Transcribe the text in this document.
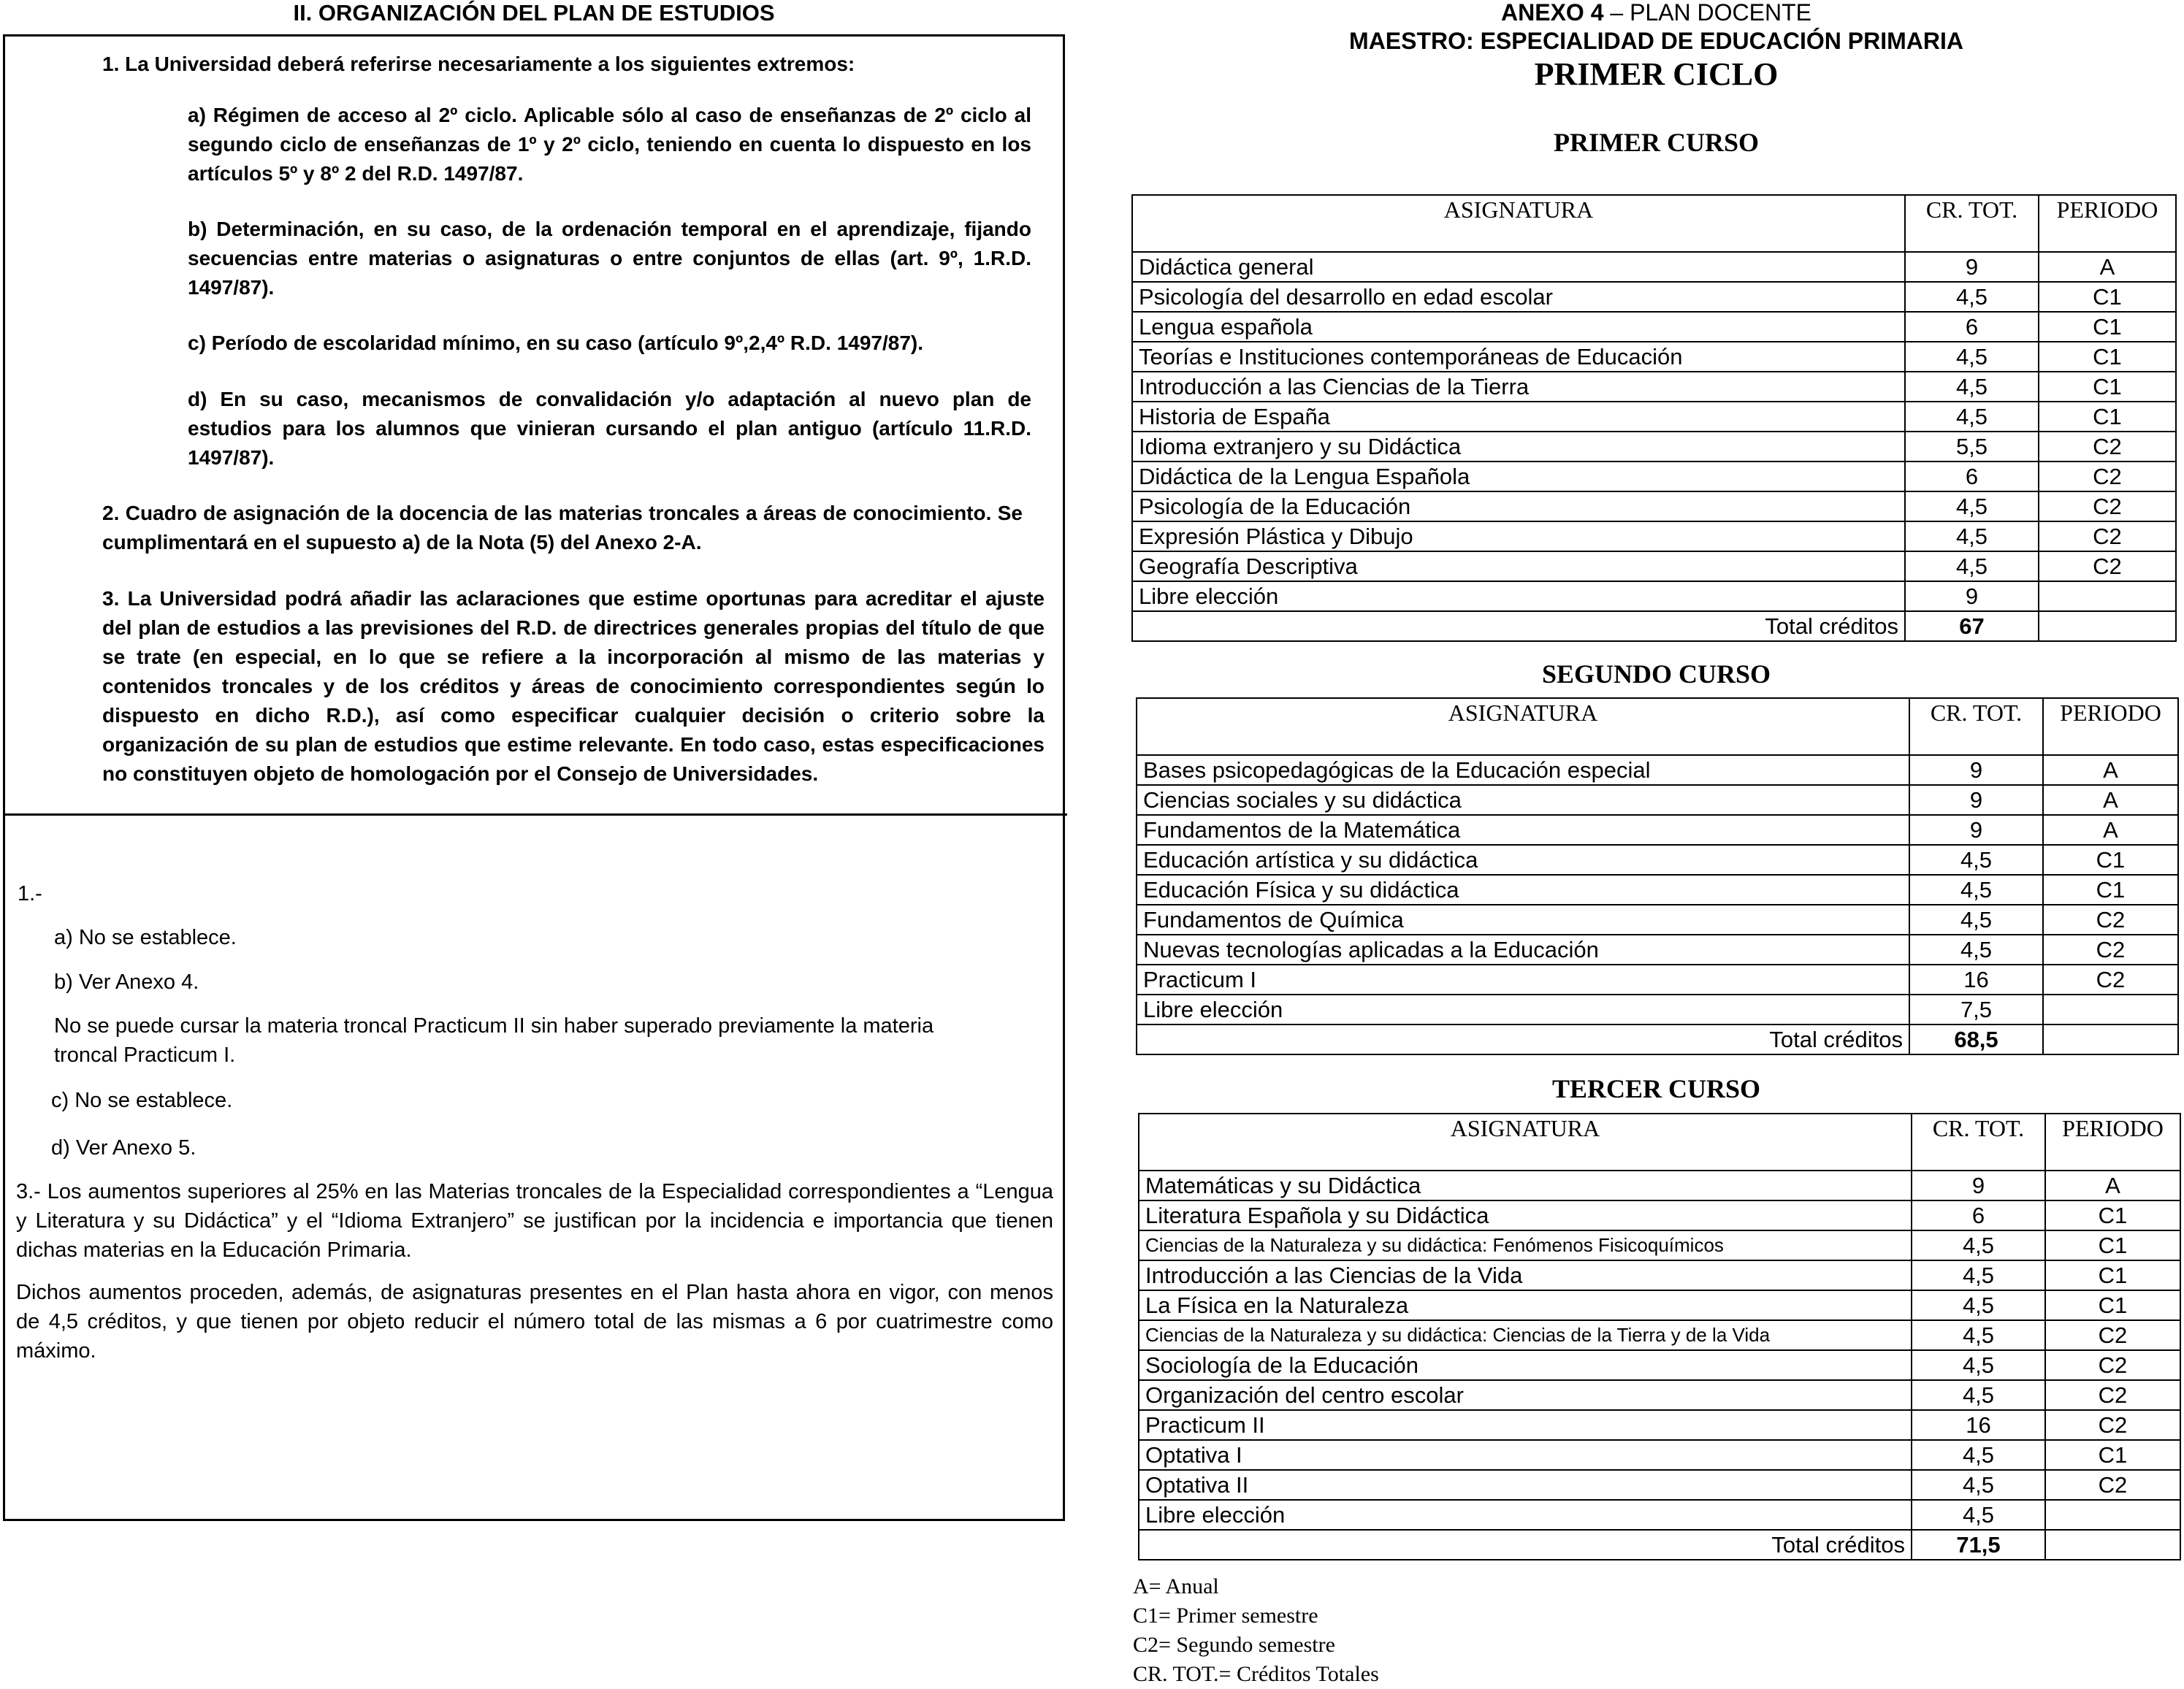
II. ORGANIZACIÓN DEL PLAN DE ESTUDIOS
1. La Universidad deberá referirse necesariamente a los siguientes extremos:
a) Régimen de acceso al 2º ciclo. Aplicable sólo al caso de enseñanzas de 2º ciclo al segundo ciclo de enseñanzas de 1º y 2º ciclo, teniendo en cuenta lo dispuesto en los artículos 5º y 8º 2 del R.D. 1497/87.
b) Determinación, en su caso, de la ordenación temporal en el aprendizaje, fijando secuencias entre materias o asignaturas o entre conjuntos de ellas (art. 9º, 1.R.D. 1497/87).
c) Período de escolaridad mínimo, en su caso (artículo 9º,2,4º R.D. 1497/87).
d) En su caso, mecanismos de convalidación y/o adaptación al nuevo plan de estudios para los alumnos que vinieran cursando el plan antiguo (artículo 11.R.D. 1497/87).
2. Cuadro de asignación de la docencia de las materias troncales a áreas de conocimiento. Se cumplimentará en el supuesto a) de la Nota (5) del Anexo 2-A.
3. La Universidad podrá añadir las aclaraciones que estime oportunas para acreditar el ajuste del plan de estudios a las previsiones del R.D. de directrices generales propias del título de que se trate (en especial, en lo que se refiere a la incorporación al mismo de las materias y contenidos troncales y de los créditos y áreas de conocimiento correspondientes según lo dispuesto en dicho R.D.), así como especificar cualquier decisión o criterio sobre la organización de su plan de estudios que estime relevante. En todo caso, estas especificaciones no constituyen objeto de homologación por el Consejo de Universidades.
1.-
a) No se establece.
b) Ver Anexo 4.
No se puede cursar la materia troncal Practicum II sin haber superado previamente la materia troncal Practicum I.
c) No se establece.
d) Ver Anexo 5.
3.- Los aumentos superiores al 25% en las Materias troncales de la Especialidad correspondientes a “Lengua y Literatura y su Didáctica” y el “Idioma Extranjero” se justifican por la incidencia e importancia que tienen dichas materias en la Educación Primaria.
Dichos aumentos proceden, además, de asignaturas presentes en el Plan hasta ahora en vigor, con menos de 4,5 créditos, y que tienen por objeto reducir el número total de las mismas a 6 por cuatrimestre como máximo.
ANEXO 4 – PLAN DOCENTE
MAESTRO: ESPECIALIDAD DE EDUCACIÓN PRIMARIA
PRIMER CICLO
PRIMER CURSO
ASIGNATURA	CR. TOT.	PERIODO
Didáctica general	9	A
Psicología del desarrollo en edad escolar	4,5	C1
Lengua española	6	C1
Teorías e Instituciones contemporáneas de Educación	4,5	C1
Introducción a las Ciencias de la Tierra	4,5	C1
Historia de España	4,5	C1
Idioma extranjero y su Didáctica	5,5	C2
Didáctica de la Lengua Española	6	C2
Psicología de la Educación	4,5	C2
Expresión Plástica y Dibujo	4,5	C2
Geografía Descriptiva	4,5	C2
Libre elección	9	
Total créditos	67	
SEGUNDO CURSO
ASIGNATURA	CR. TOT.	PERIODO
Bases psicopedagógicas de la Educación especial	9	A
Ciencias sociales y su didáctica	9	A
Fundamentos de la Matemática	9	A
Educación artística y su didáctica	4,5	C1
Educación Física y su didáctica	4,5	C1
Fundamentos de Química	4,5	C2
Nuevas tecnologías aplicadas a la Educación	4,5	C2
Practicum I	16	C2
Libre elección	7,5	
Total créditos	68,5	
TERCER CURSO
ASIGNATURA	CR. TOT.	PERIODO
Matemáticas y su Didáctica	9	A
Literatura Española y su Didáctica	6	C1
Ciencias de la Naturaleza y su didáctica: Fenómenos Fisicoquímicos	4,5	C1
Introducción a las Ciencias de la Vida	4,5	C1
La Física en la Naturaleza	4,5	C1
Ciencias de la Naturaleza y su didáctica: Ciencias de la Tierra y de la Vida	4,5	C2
Sociología de la Educación	4,5	C2
Organización del centro escolar	4,5	C2
Practicum II	16	C2
Optativa I	4,5	C1
Optativa II	4,5	C2
Libre elección	4,5	
Total créditos	71,5	
A= Anual
C1= Primer semestre
C2= Segundo semestre
CR. TOT.= Créditos Totales
